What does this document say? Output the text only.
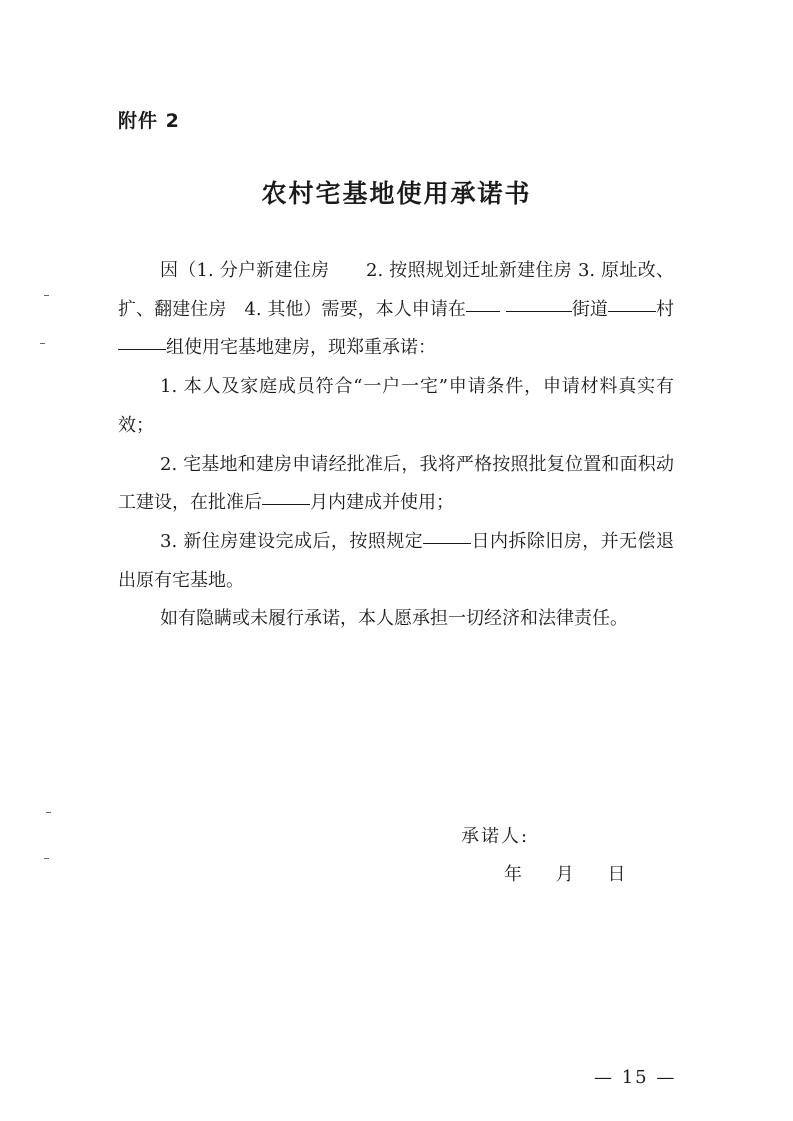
附件 2
农村宅基地使用承诺书

因（1. 分户新建住房　　2. 按照规划迁址新建住房 3. 原址改、扩、翻建住房　4. 其他）需要，本人申请在	街道	村组使用宅基地建房，现郑重承诺：

1. 本人及家庭成员符合“一户一宅”申请条件，申请材料真实有效；

2. 宅基地和建房申请经批准后，我将严格按照批复位置和面积动工建设，在批准后	月内建成并使用；

3. 新住房建设完成后，按照规定	日内拆除旧房，并无偿退出原有宅基地。

如有隐瞒或未履行承诺，本人愿承担一切经济和法律责任。

承诺人:
年 月 日
— 15 —
